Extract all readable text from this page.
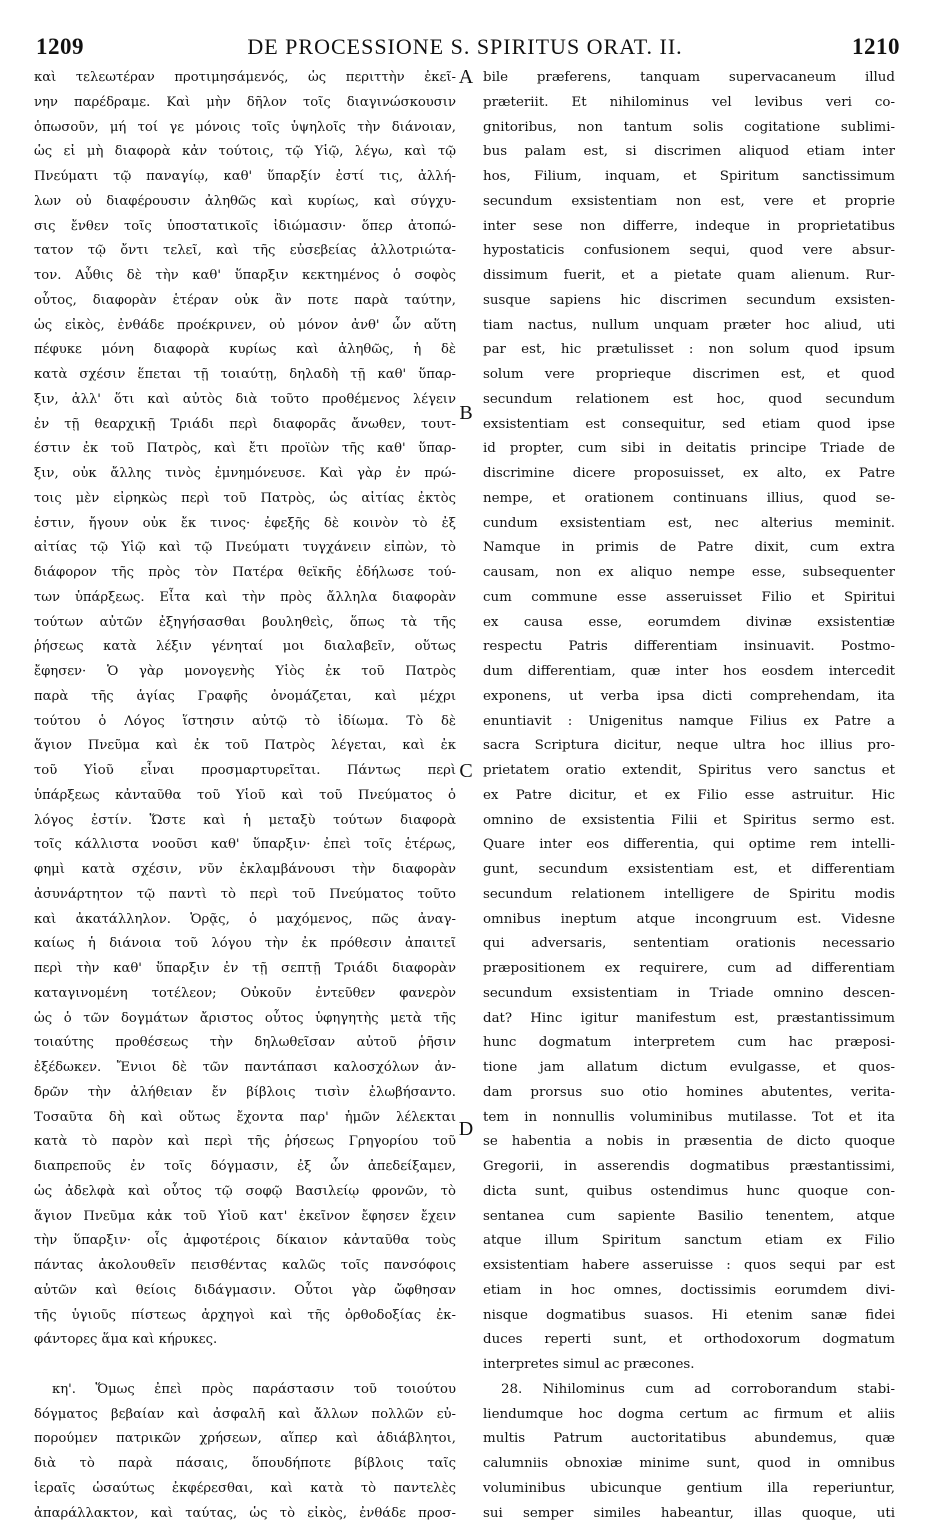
1209	DE PROCESSIONE S. SPIRITUS ORAT. II.	1210
καὶ τελεωτέραν προτιμησάμενός, ὡς περιττὴν ἐκεῖ-
νην παρέδραμε. Καὶ μὴν δῆλον τοῖς διαγινώσκουσιν
ὁπωσοῦν, μή τοί γε μόνοις τοῖς ὑψηλοῖς τὴν διάνοιαν,
ὡς εἰ μὴ διαφορὰ κἀν τούτοις, τῷ Υἱῷ, λέγω, καὶ τῷ
Πνεύματι τῷ παναγίῳ, καθ' ὕπαρξίν ἐστί τις, ἀλλή-
λων οὐ διαφέρουσιν ἀληθῶς καὶ κυρίως, καὶ σύγχυ-
σις ἔνθεν τοῖς ὑποστατικοῖς ἰδιώμασιν· ὅπερ ἀτοπώ-
τατον τῷ ὄντι τελεῖ, καὶ τῆς εὐσεβείας ἀλλοτριώτα-
τον. Αὖθις δὲ τὴν καθ' ὕπαρξιν κεκτημένος ὁ σοφὸς
οὗτος, διαφορὰν ἑτέραν οὐκ ἂν ποτε παρὰ ταύτην,
ὡς εἰκὸς, ἐνθάδε προέκρινεν, οὐ μόνον ἀνθ' ὧν αὕτη
πέφυκε μόνη διαφορὰ κυρίως καὶ ἀληθῶς, ἡ δὲ
κατὰ σχέσιν ἕπεται τῇ τοιαύτῃ, δηλαδὴ τῇ καθ' ὕπαρ-
ξιν, ἀλλ' ὅτι καὶ αὐτὸς διὰ τοῦτο προθέμενος λέγειν
ἐν τῇ θεαρχικῇ Τριάδι περὶ διαφορᾶς ἄνωθεν, τουτ-
έστιν ἐκ τοῦ Πατρὸς, καὶ ἔτι προϊὼν τῆς καθ' ὕπαρ-
ξιν, οὐκ ἄλλης τινὸς ἐμνημόνευσε. Καὶ γὰρ ἐν πρώ-
τοις μὲν εἰρηκὼς περὶ τοῦ Πατρὸς, ὡς αἰτίας ἐκτὸς
ἐστιν, ἤγουν οὐκ ἔκ τινος· ἐφεξῆς δὲ κοινὸν τὸ ἐξ
αἰτίας τῷ Υἱῷ καὶ τῷ Πνεύματι τυγχάνειν εἰπὼν, τὸ
διάφορον τῆς πρὸς τὸν Πατέρα θεϊκῆς ἐδήλωσε τού-
των ὑπάρξεως. Εἶτα καὶ τὴν πρὸς ἄλληλα διαφορὰν
τούτων αὐτῶν ἐξηγήσασθαι βουληθεὶς, ὅπως τὰ τῆς
ῥήσεως κατὰ λέξιν γένηταί μοι διαλαβεῖν, οὕτως
ἔφησεν· Ὁ γὰρ μονογενὴς Υἱὸς ἐκ τοῦ Πατρὸς
παρὰ τῆς ἁγίας Γραφῆς ὀνομάζεται, καὶ μέχρι
τούτου ὁ Λόγος ἵστησιν αὐτῷ τὸ ἰδίωμα. Τὸ δὲ
ἅγιον Πνεῦμα καὶ ἐκ τοῦ Πατρὸς λέγεται, καὶ ἐκ
τοῦ Υἱοῦ εἶναι προσμαρτυρεῖται. Πάντως περὶ
ὑπάρξεως κἀνταῦθα τοῦ Υἱοῦ καὶ τοῦ Πνεύματος ὁ
λόγος ἐστίν. Ὥστε καὶ ἡ μεταξὺ τούτων διαφορὰ
τοῖς κάλλιστα νοοῦσι καθ' ὕπαρξιν· ἐπεὶ τοῖς ἑτέρως,
φημὶ κατὰ σχέσιν, νῦν ἐκλαμβάνουσι τὴν διαφορὰν
ἀσυνάρτητον τῷ παντὶ τὸ περὶ τοῦ Πνεύματος τοῦτο
καὶ ἀκατάλληλον. Ὁρᾷς, ὁ μαχόμενος, πῶς ἀναγ-
καίως ἡ διάνοια τοῦ λόγου τὴν ἐκ πρόθεσιν ἀπαιτεῖ
περὶ τὴν καθ' ὕπαρξιν ἐν τῇ σεπτῇ Τριάδι διαφορὰν
καταγινομένη τοτέλεον; Οὐκοῦν ἐντεῦθεν φανερὸν
ὡς ὁ τῶν δογμάτων ἄριστος οὗτος ὑφηγητὴς μετὰ τῆς
τοιαύτης προθέσεως τὴν δηλωθεῖσαν αὐτοῦ ῥῆσιν
ἐξέδωκεν. Ἔνιοι δὲ τῶν παντάπασι καλοσχόλων ἀν-
δρῶν τὴν ἀλήθειαν ἔν βίβλοις τισὶν ἐλωβήσαντο.
Τοσαῦτα δὴ καὶ οὕτως ἔχοντα παρ' ἡμῶν λέλεκται
κατὰ τὸ παρὸν καὶ περὶ τῆς ῥήσεως Γρηγορίου τοῦ
διαπρεποῦς ἐν τοῖς δόγμασιν, ἐξ ὧν ἀπεδείξαμεν,
ὡς ἀδελφὰ καὶ οὗτος τῷ σοφῷ Βασιλείῳ φρονῶν, τὸ
ἅγιον Πνεῦμα κἀκ τοῦ Υἱοῦ κατ' ἐκεῖνον ἔφησεν ἔχειν
τὴν ὕπαρξιν· οἷς ἀμφοτέροις δίκαιον κἀνταῦθα τοὺς
πάντας ἀκολουθεῖν πεισθέντας καλῶς τοῖς πανσόφοις
αὐτῶν καὶ θείοις διδάγμασιν. Οὗτοι γὰρ ὤφθησαν
τῆς ὑγιοῦς πίστεως ἀρχηγοὶ καὶ τῆς ὀρθοδοξίας ἐκ-
φάντορες ἅμα καὶ κήρυκες.
κη'. Ὅμως ἐπεὶ πρὸς παράστασιν τοῦ τοιούτου
δόγματος βεβαίαν καὶ ἀσφαλῆ καὶ ἄλλων πολλῶν εὐ-
πορούμεν πατρικῶν χρήσεων, αἵπερ καὶ ἀδιάβλητοι,
διὰ τὸ παρὰ πάσαις, ὅπουδήποτε βίβλοις ταῖς
ἱεραῖς ὡσαύτως ἐκφέρεσθαι, καὶ κατὰ τὸ παντελὲς
ἀπαράλλακτον, καὶ ταύτας, ὡς τὸ εἰκὸς, ἐνθάδε προσ-
bile præferens, tanquam supervacaneum illud
præteriit. Et nihilominus vel levibus veri co-
gnitoribus, non tantum solis cogitatione sublimi-
bus palam est, si discrimen aliquod etiam inter
hos, Filium, inquam, et Spiritum sanctissimum
secundum exsistentiam non est, vere et proprie
inter sese non differre, indeque in proprietatibus
hypostaticis confusionem sequi, quod vere absur-
dissimum fuerit, et a pietate quam alienum. Rur-
susque sapiens hic discrimen secundum exsisten-
tiam nactus, nullum unquam præter hoc aliud, uti
par est, hic prætulisset : non solum quod ipsum
solum vere proprieque discrimen est, et quod
secundum relationem est hoc, quod secundum
exsistentiam est consequitur, sed etiam quod ipse
id propter, cum sibi in deitatis principe Triade de
discrimine dicere proposuisset, ex alto, ex Patre
nempe, et orationem continuans illius, quod se-
cundum exsistentiam est, nec alterius meminit.
Namque in primis de Patre dixit, cum extra
causam, non ex aliquo nempe esse, subsequenter
cum commune esse asseruisset Filio et Spiritui
ex causa esse, eorumdem divinæ exsistentiæ
respectu Patris differentiam insinuavit. Postmo-
dum differentiam, quæ inter hos eosdem intercedit
exponens, ut verba ipsa dicti comprehendam, ita
enuntiavit : Unigenitus namque Filius ex Patre a
sacra Scriptura dicitur, neque ultra hoc illius pro-
prietatem oratio extendit, Spiritus vero sanctus et
ex Patre dicitur, et ex Filio esse astruitur. Hic
omnino de exsistentia Filii et Spiritus sermo est.
Quare inter eos differentia, qui optime rem intelli-
gunt, secundum exsistentiam est, et differentiam
secundum relationem intelligere de Spiritu modis
omnibus ineptum atque incongruum est. Videsne
qui adversaris, sententiam orationis necessario
præpositionem ex requirere, cum ad differentiam
secundum exsistentiam in Triade omnino descen-
dat? Hinc igitur manifestum est, præstantissimum
hunc dogmatum interpretem cum hac præposi-
tione jam allatum dictum evulgasse, et quos-
dam prorsus suo otio homines abutentes, verita-
tem in nonnullis voluminibus mutilasse. Tot et ita
se habentia a nobis in præsentia de dicto quoque
Gregorii, in asserendis dogmatibus præstantissimi,
dicta sunt, quibus ostendimus hunc quoque con-
sentanea cum sapiente Basilio tenentem, atque
atque illum Spiritum sanctum etiam ex Filio
exsistentiam habere asseruisse : quos sequi par est
etiam in hoc omnes, doctissimis eorumdem divi-
nisque dogmatibus suasos. Hi etenim sanæ fidei
duces reperti sunt, et orthodoxorum dogmatum
interpretes simul ac præcones.
28. Nihilominus cum ad corroborandum stabi-
liendumque hoc dogma certum ac firmum et aliis
multis Patrum auctoritatibus abundemus, quæ
calumniis obnoxiæ minime sunt, quod in omnibus
voluminibus ubicunque gentium illa reperiuntur,
sui semper similes habeantur, illas quoque, uti
A
B
C
D
